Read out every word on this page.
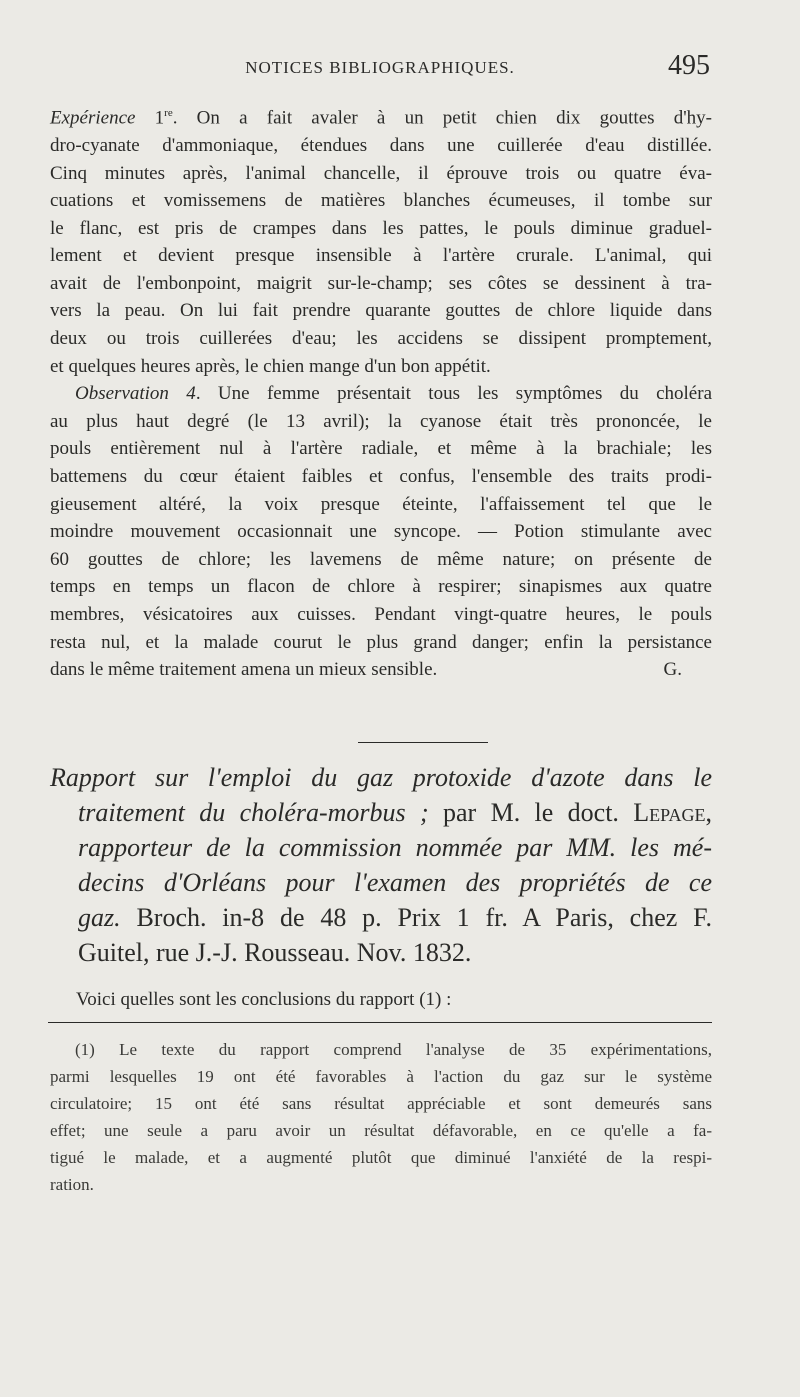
NOTICES BIBLIOGRAPHIQUES.	495
Expérience 1re. On a fait avaler à un petit chien dix gouttes d'hy-
dro-cyanate d'ammoniaque, étendues dans une cuillerée d'eau distillée.
Cinq minutes après, l'animal chancelle, il éprouve trois ou quatre éva-
cuations et vomissemens de matières blanches écumeuses, il tombe sur
le flanc, est pris de crampes dans les pattes, le pouls diminue graduel-
lement et devient presque insensible à l'artère crurale. L'animal, qui
avait de l'embonpoint, maigrit sur-le-champ; ses côtes se dessinent à tra-
vers la peau. On lui fait prendre quarante gouttes de chlore liquide dans
deux ou trois cuillerées d'eau; les accidens se dissipent promptement,
et quelques heures après, le chien mange d'un bon appétit.
Observation 4. Une femme présentait tous les symptômes du choléra
au plus haut degré (le 13 avril); la cyanose était très prononcée, le
pouls entièrement nul à l'artère radiale, et même à la brachiale; les
battemens du cœur étaient faibles et confus, l'ensemble des traits prodi-
gieusement altéré, la voix presque éteinte, l'affaissement tel que le
moindre mouvement occasionnait une syncope. — Potion stimulante avec
60 gouttes de chlore; les lavemens de même nature; on présente de
temps en temps un flacon de chlore à respirer; sinapismes aux quatre
membres, vésicatoires aux cuisses. Pendant vingt-quatre heures, le pouls
resta nul, et la malade courut le plus grand danger; enfin la persistance
dans le même traitement amena un mieux sensible.	G.
Rapport sur l'emploi du gaz protoxide d'azote dans le
traitement du choléra-morbus ; par M. le doct. Lepage,
rapporteur de la commission nommée par MM. les mé-
decins d'Orléans pour l'examen des propriétés de ce
gaz. Broch. in-8 de 48 p. Prix 1 fr. A Paris, chez F.
Guitel, rue J.-J. Rousseau. Nov. 1832.
Voici quelles sont les conclusions du rapport (1) :
(1) Le texte du rapport comprend l'analyse de 35 expérimentations,
parmi lesquelles 19 ont été favorables à l'action du gaz sur le système
circulatoire; 15 ont été sans résultat appréciable et sont demeurés sans
effet; une seule a paru avoir un résultat défavorable, en ce qu'elle a fa-
tigué le malade, et a augmenté plutôt que diminué l'anxiété de la respi-
ration.
